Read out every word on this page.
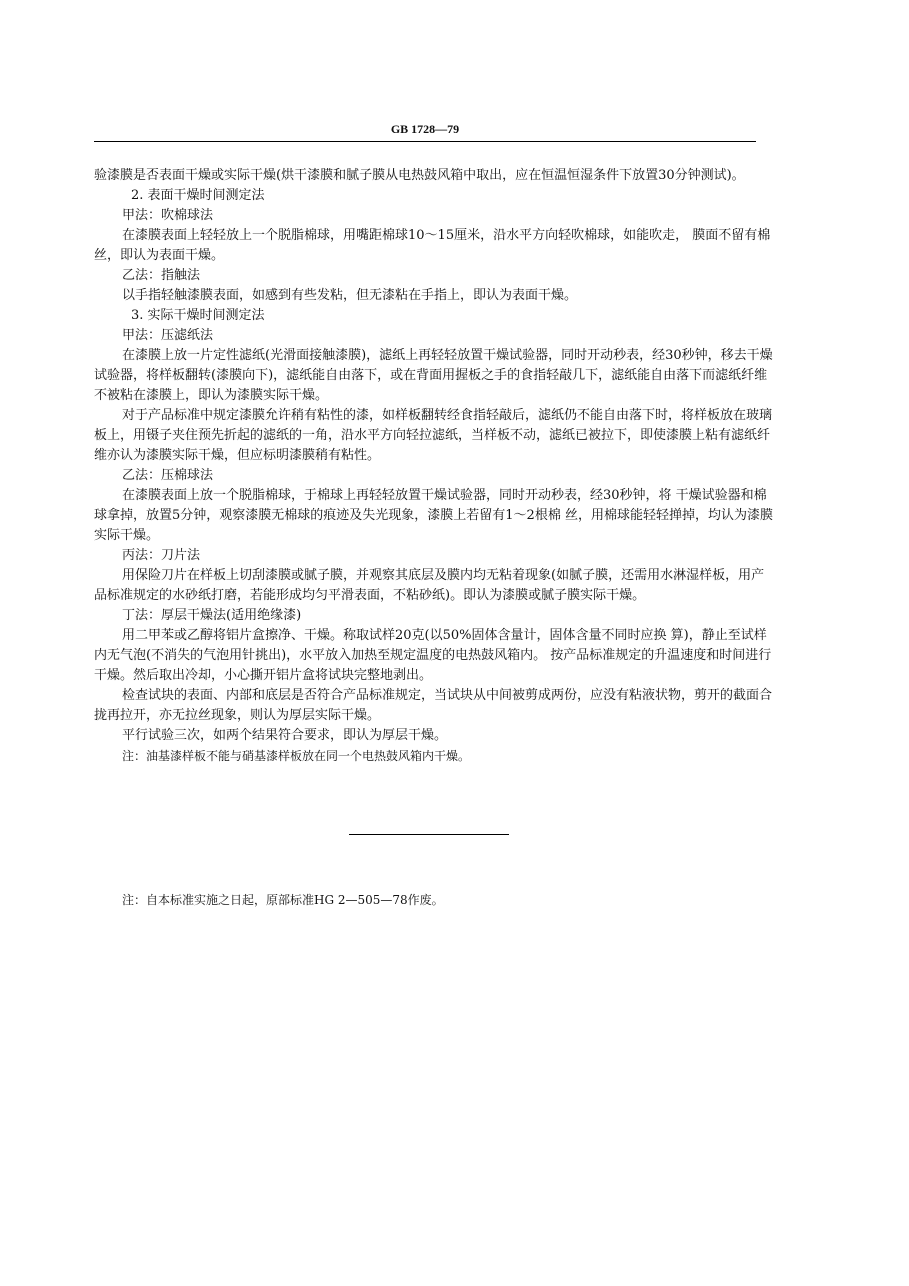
GB 1728—79

验漆膜是否表面干燥或实际干燥(烘干漆膜和腻子膜从电热鼓风箱中取出，应在恒温恒湿条件下放置30分钟测试)。

2. 表面干燥时间测定法

甲法：吹棉球法

在漆膜表面上轻轻放上一个脱脂棉球，用嘴距棉球10～15厘米，沿水平方向轻吹棉球，如能吹走， 膜面不留有棉丝，即认为表面干燥。

乙法：指触法

以手指轻触漆膜表面，如感到有些发粘，但无漆粘在手指上，即认为表面干燥。

3. 实际干燥时间测定法

甲法：压滤纸法

在漆膜上放一片定性滤纸(光滑面接触漆膜)，滤纸上再轻轻放置干燥试验器，同时开动秒表，经30秒钟，移去干燥试验器，将样板翻转(漆膜向下)，滤纸能自由落下，或在背面用握板之手的食指轻敲几下，滤纸能自由落下而滤纸纤维不被粘在漆膜上，即认为漆膜实际干燥。

对于产品标准中规定漆膜允许稍有粘性的漆，如样板翻转经食指轻敲后，滤纸仍不能自由落下时，将样板放在玻璃板上，用镊子夹住预先折起的滤纸的一角，沿水平方向轻拉滤纸，当样板不动，滤纸已被拉下，即使漆膜上粘有滤纸纤维亦认为漆膜实际干燥，但应标明漆膜稍有粘性。

乙法：压棉球法

在漆膜表面上放一个脱脂棉球，于棉球上再轻轻放置干燥试验器，同时开动秒表，经30秒钟，将 干燥试验器和棉球拿掉，放置5分钟，观察漆膜无棉球的痕迹及失光现象，漆膜上若留有1～2根棉 丝，用棉球能轻轻掸掉，均认为漆膜实际干燥。

丙法：刀片法

用保险刀片在样板上切刮漆膜或腻子膜，并观察其底层及膜内均无粘着现象(如腻子膜，还需用水淋湿样板，用产品标准规定的水砂纸打磨，若能形成均匀平滑表面，不粘砂纸)。即认为漆膜或腻子膜实际干燥。

丁法：厚层干燥法(适用绝缘漆)

用二甲苯或乙醇将铝片盒擦净、干燥。称取试样20克(以50%固体含量计，固体含量不同时应换 算)，静止至试样内无气泡(不消失的气泡用针挑出)，水平放入加热至规定温度的电热鼓风箱内。 按产品标准规定的升温速度和时间进行干燥。然后取出冷却，小心撕开铝片盒将试块完整地剥出。

检查试块的表面、内部和底层是否符合产品标准规定，当试块从中间被剪成两份，应没有粘液状物，剪开的截面合拢再拉开，亦无拉丝现象，则认为厚层实际干燥。

平行试验三次，如两个结果符合要求，即认为厚层干燥。

注：油基漆样板不能与硝基漆样板放在同一个电热鼓风箱内干燥。

注：自本标准实施之日起，原部标准HG 2—505—78作废。
